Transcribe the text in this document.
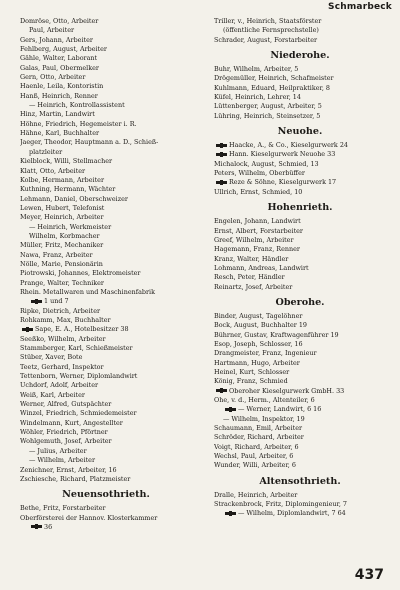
Schmarbeck
Domröse, Otto, Arbeiter
Paul, Arbeiter
Gers, Johann, Arbeiter
Fehlberg, August, Arbeiter
Gähle, Walter, Laborant
Galas, Paul, Obermelker
Gern, Otto, Arbeiter
Haenle, Leila, Kontoristin
Hanß, Heinrich, Renner
— Heinrich, Kontrollassistent
Hinz, Martin, Landwirt
Höhne, Friedrich, Hegemeister i. R.
Hähne, Karl, Buchhalter
Jaeger, Theodor, Hauptmann a. D., Schieß-
platzleiter
Kielblock, Willi, Stellmacher
Klatt, Otto, Arbeiter
Kolbe, Hermann, Arbeiter
Kuthning, Hermann, Wächter
Lehmann, Daniel, Oberschweizer
Lewen, Hubert, Telefonist
Meyer, Heinrich, Arbeiter
— Heinrich, Werkmeister
Wilhelm, Korbmacher
Müller, Fritz, Mechaniker
Nawa, Franz, Arbeiter
Nölle, Marie, Pensionärin
Piotrowski, Johannes, Elektromeister
Prange, Walter, Techniker
Rhein. Metallwaren und Maschinenfabrik
1 und 7
Ripke, Dietrich, Arbeiter
Rohkamm, Max, Buchhalter
Sape, E. A., Hotelbesitzer 38
Seeßko, Wilhelm, Arbeiter
Stammberger, Karl, Schießmeister
Stüber, Xaver, Bote
Teetz, Gerhard, Inspektor
Tettenborn, Werner, Diplomlandwirt
Uchdorf, Adolf, Arbeiter
Weiß, Karl, Arbeiter
Werner, Alfred, Gutspächter
Winzel, Friedrich, Schmiedemeister
Windelmann, Kurt, Angestellter
Wöhler, Friedrich, Pförtner
Wohlgemuth, Josef, Arbeiter
— Julius, Arbeiter
— Wilhelm, Arbeiter
Zenichner, Ernst, Arbeiter, 16
Zschiesche, Richard, Platzmeister
Neuensothrieth.
Bethe, Fritz, Forstarbeiter
Oberförsterei der Hannov. Klosterkammer
36
Triller, v., Heinrich, Staatsförster
(öffentliche Fernsprechstelle)
Schrader, August, Forstarbeiter
Niederohe.
Buhr, Wilhelm, Arbeiter, 5
Drögemüller, Heinrich, Schafmeister
Kuhlmann, Eduard, Heilpraktiker, 8
Küfel, Heinrich, Lehrer, 14
Lüttenberger, August, Arbeiter, 5
Lühring, Heinrich, Steinsetzer, 5
Neuohe.
Haacke, A., & Co., Kieselgurwerk 24
Hann. Kieselgurwerk Neuohe 33
Michalock, August, Schmied, 13
Peters, Wilhelm, Oberbüffer
Reze & Söhne, Kieselgurwerk 17
Ullrich, Ernst, Schmied, 10
Hohenrieth.
Engelen, Johann, Landwirt
Ernst, Albert, Forstarbeiter
Greef, Wilhelm, Arbeiter
Hagemann, Franz, Renner
Kranz, Walter, Händler
Lohmann, Andreas, Landwirt
Resch, Peter, Händler
Reinartz, Josef, Arbeiter
Oberohe.
Binder, August, Tagelöhner
Bock, August, Buchhalter 19
Bührner, Gustav, Kraftwagenführer 19
Esop, Joseph, Schlosser, 16
Drangmeister, Franz, Ingenieur
Hartmann, Hugo, Arbeiter
Heinel, Kurt, Schlosser
König, Franz, Schmied
Oberoher Kieselgurwerk GmbH. 33
Ohe, v. d., Herm., Altenteiler, 6
— Werner, Landwirt, 6 16
— Wilhelm, Inspektor, 19
Schaumann, Emil, Arbeiter
Schröder, Richard, Arbeiter
Voigt, Richard, Arbeiter, 6
Wechsl, Paul, Arbeiter, 6
Wunder, Willi, Arbeiter, 6
Altensothrieth.
Dralle, Heinrich, Arbeiter
Strackenbrock, Fritz, Diplomingenieur, 7
— Wilhelm, Diplomlandwirt, 7 64
437
